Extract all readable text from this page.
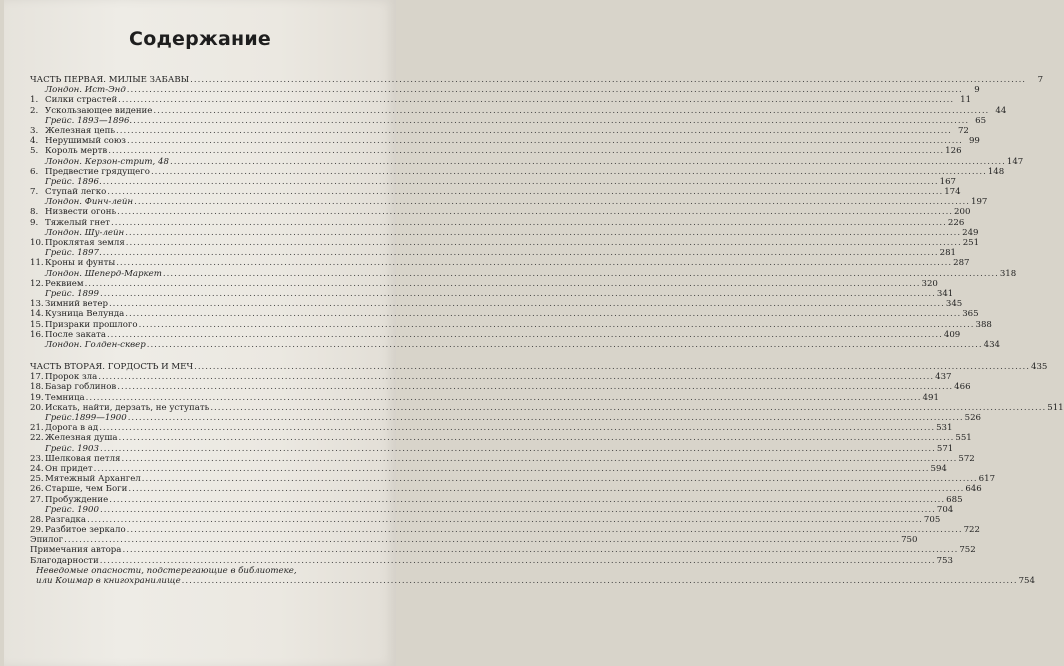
Содержание
ЧАСТЬ ПЕРВАЯ. МИЛЫЕ ЗАБАВЫ .....	7
Лондон. Ист-Энд .....	9
1. Силки страстей .....	11
2. Ускользающее видение .....	44
Грейс. 1893—1896. .....	65
3. Железная цепь .....	72
4. Нерушимый союз .....	99
5. Король мертв .....	126
Лондон. Керзон-стрит, 48 .....	147
6. Предвестие грядущего .....	148
Грейс. 1896. .....	167
7. Ступай легко .....	174
Лондон. Финч-лейн .....	197
8. Низвести огонь .....	200
9. Тяжелый гнет .....	226
Лондон. Шу-лейн .....	249
10. Проклятая земля .....	251
Грейс. 1897. .....	281
11. Кроны и фунты .....	287
Лондон. Шеперд-Маркет .....	318
12. Реквием .....	320
Грейс. 1899 .....	341
13. Зимний ветер .....	345
14. Кузница Велунда .....	365
15. Призраки прошлого .....	388
16. После заката .....	409
Лондон. Голден-сквер .....	434
ЧАСТЬ ВТОРАЯ. ГОРДОСТЬ И МЕЧ .....	435
17. Пророк зла .....	437
18. Базар гоблинов .....	466
19. Темница .....	491
20. Искать, найти, дерзать, не уступать .....	511
Грейс.1899—1900 .....	526
21. Дорога в ад .....	531
22. Железная душа .....	551
Грейс. 1903 .....	571
23. Шелковая петля .....	572
24. Он придет .....	594
25. Мятежный Архангел .....	617
26. Старше, чем Боги .....	646
27. Пробуждение .....	685
Грейс. 1900 .....	704
28. Разгадка .....	705
29. Разбитое зеркало .....	722
Эпилог .....	750
Примечания автора .....	752
Благодарности .....	753
Неведомые опасности, подстерегающие в библиотеке,
или Кошмар в книгохранилище .....	754
